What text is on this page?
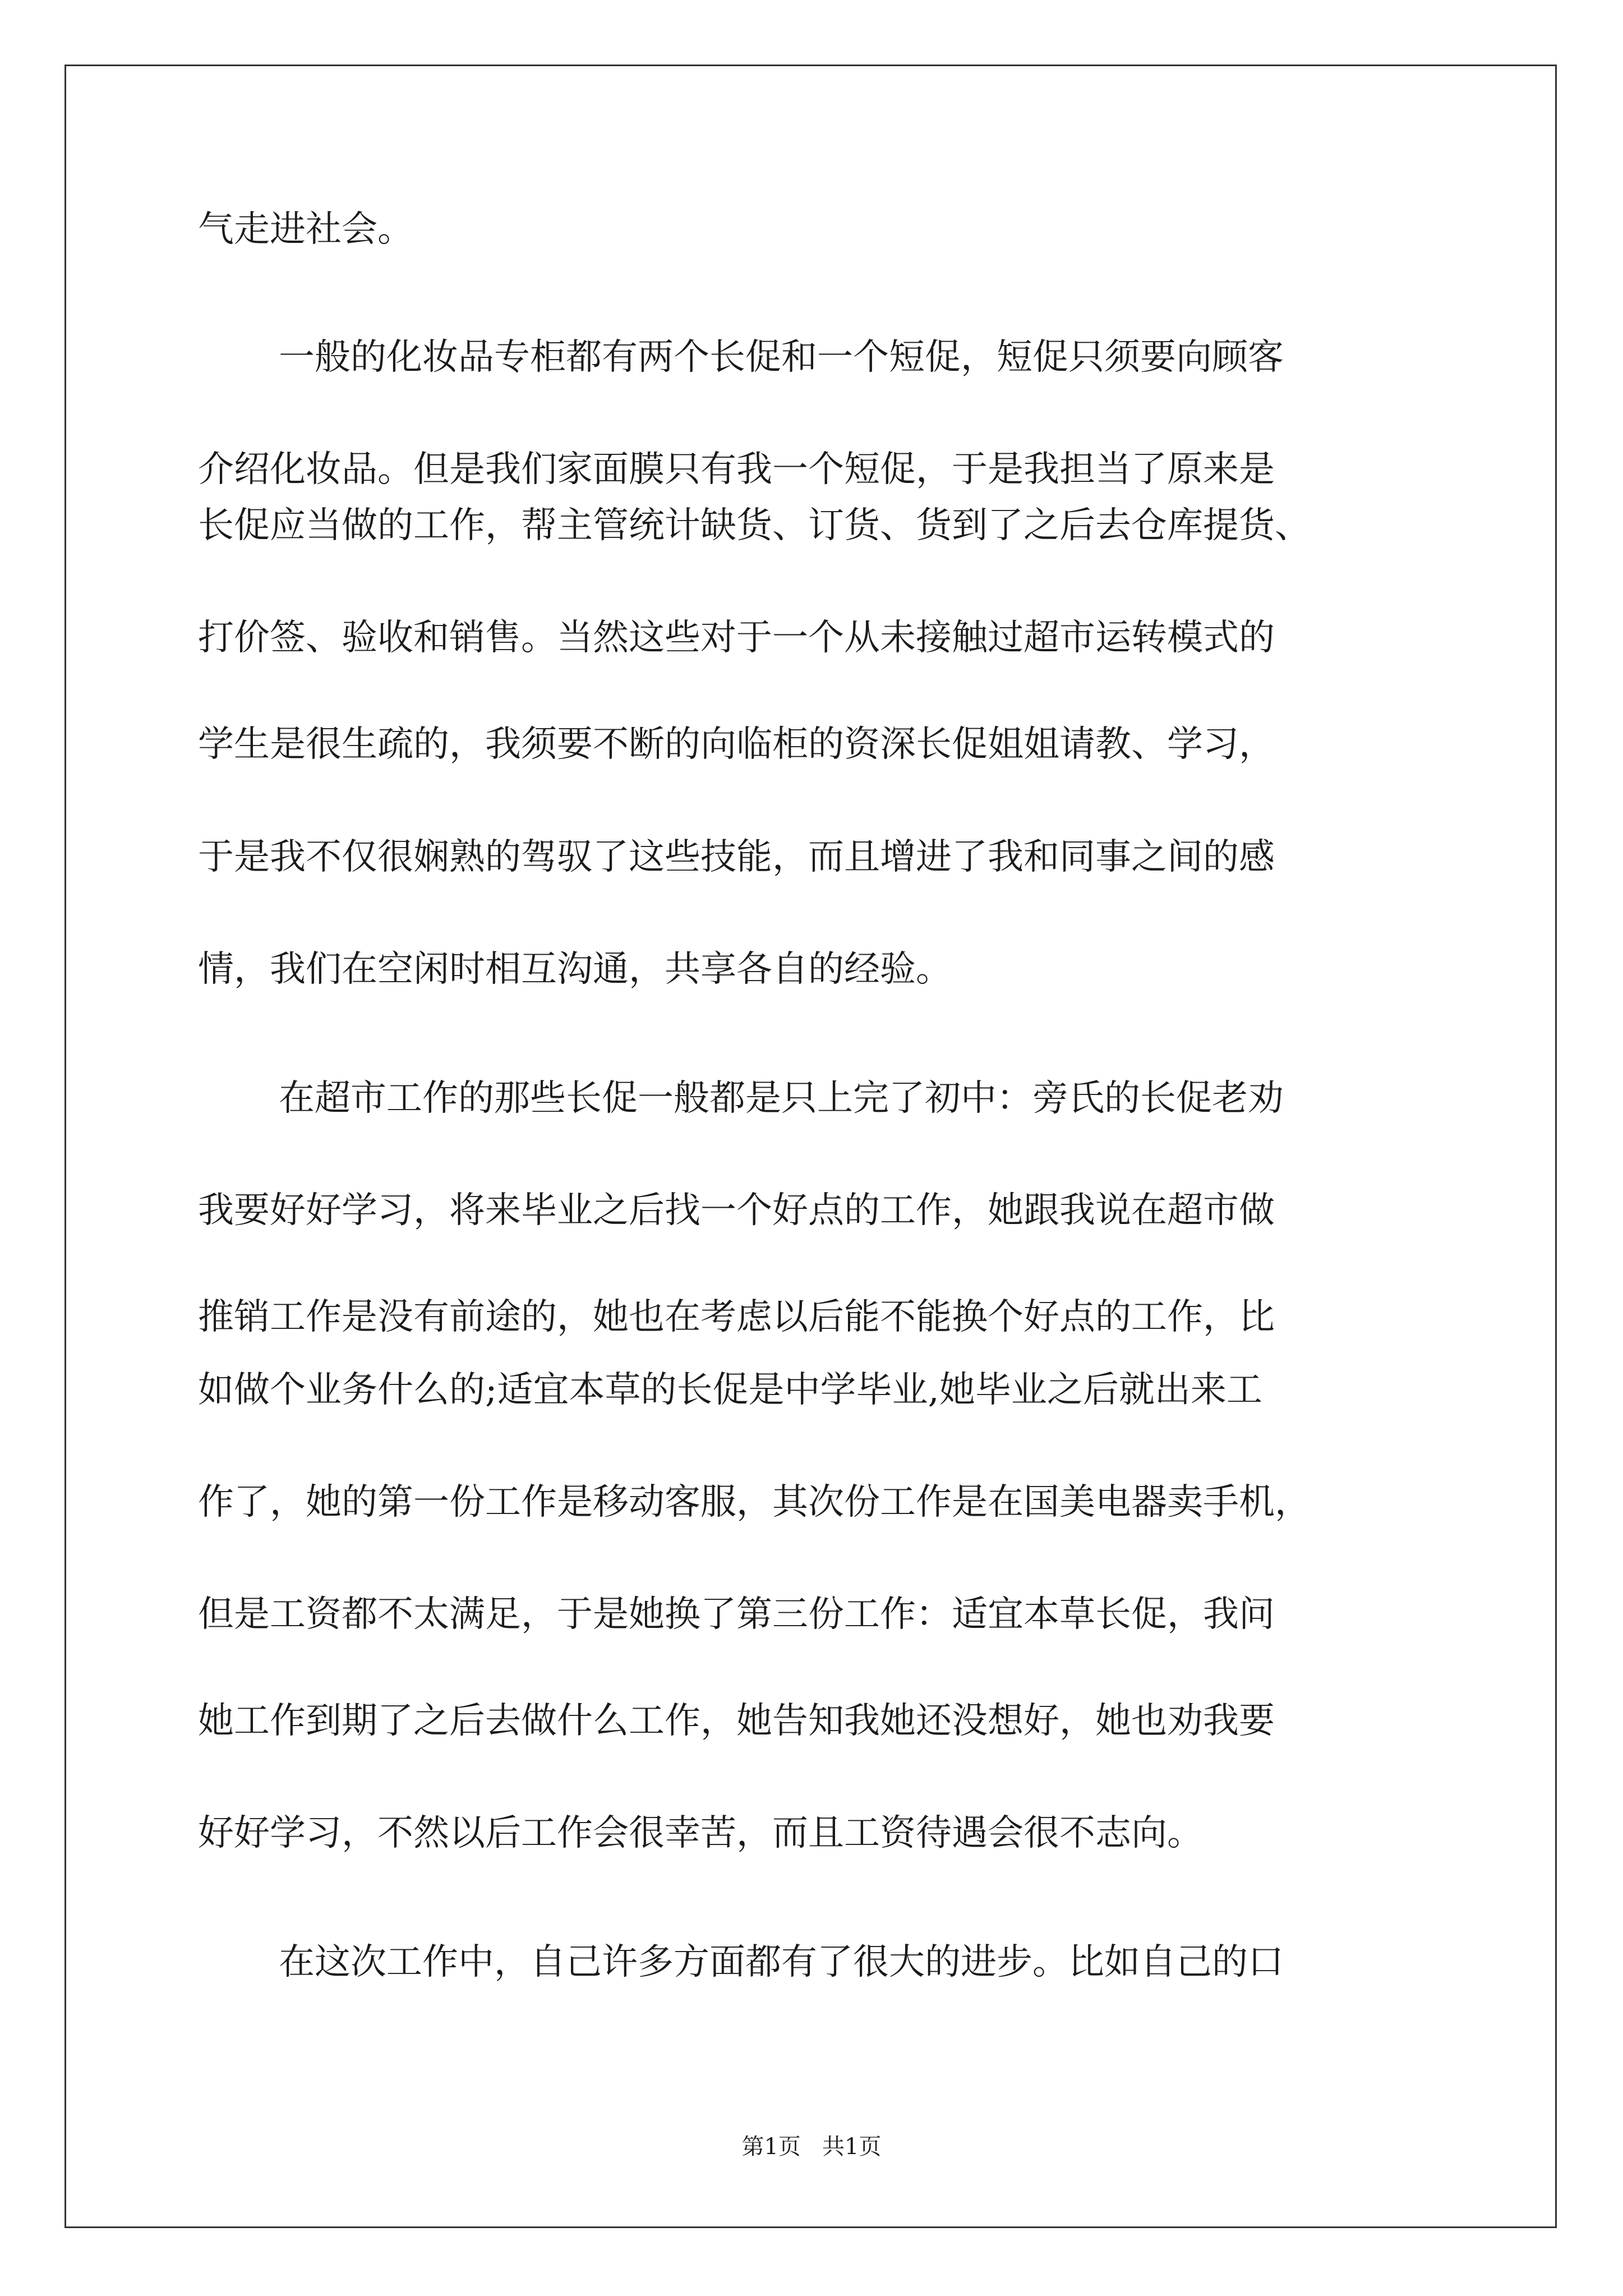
气走进社会。
一般的化妆品专柜都有两个长促和一个短促，短促只须要向顾客
介绍化妆品。但是我们家面膜只有我一个短促，于是我担当了原来是
长促应当做的工作，帮主管统计缺货、订货、货到了之后去仓库提货、
打价签、验收和销售。当然这些对于一个从未接触过超市运转模式的
学生是很生疏的，我须要不断的向临柜的资深长促姐姐请教、学习，
于是我不仅很娴熟的驾驭了这些技能，而且增进了我和同事之间的感
情，我们在空闲时相互沟通，共享各自的经验。
在超市工作的那些长促一般都是只上完了初中：旁氏的长促老劝
我要好好学习，将来毕业之后找一个好点的工作，她跟我说在超市做
推销工作是没有前途的，她也在考虑以后能不能换个好点的工作，比
如做个业务什么的;适宜本草的长促是中学毕业,她毕业之后就出来工
作了，她的第一份工作是移动客服，其次份工作是在国美电器卖手机，
但是工资都不太满足，于是她换了第三份工作：适宜本草长促，我问
她工作到期了之后去做什么工作，她告知我她还没想好，她也劝我要
好好学习，不然以后工作会很幸苦，而且工资待遇会很不志向。
在这次工作中，自己许多方面都有了很大的进步。比如自己的口
第1页   共1页
